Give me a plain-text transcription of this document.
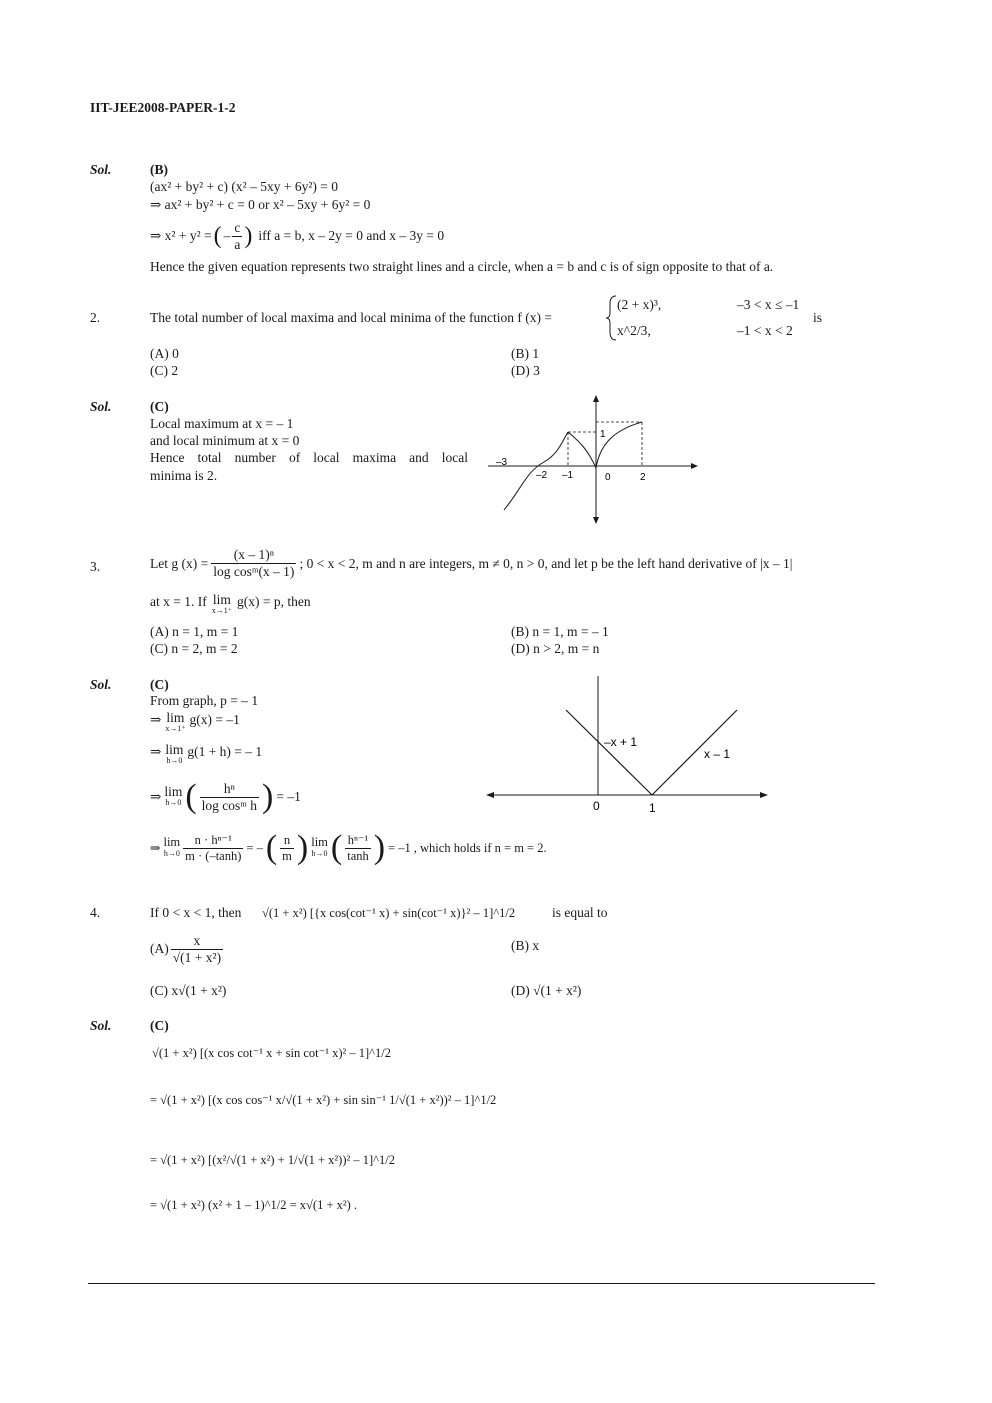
IIT-JEE2008-PAPER-1-2
Sol.	(B)
(ax² + by² + c) (x² – 5xy + 6y²) = 0
⇒ ax² + by² + c = 0 or x² – 5xy + 6y² = 0
⇒ x² + y² = ( – $\frac{c}{a}$ ) iff a = b, x – 2y = 0 and x – 3y = 0
Hence the given equation represents two straight lines and a circle, when a = b and c is of sign opposite to that of a.
2.	The total number of local maxima and local minima of the function f (x) =
(2 + x)³,	–3 < x ≤ –1
x^2/3,	–1 < x < 2
is
(A) 0	(B) 1
(C) 2	(D) 3
Sol.	(C)
Local maximum at x = – 1
and local minimum at x = 0
Hence total number of local maxima and local
minima is 2.
–3
–2 –1	0	2
1
3.	Let g $(x) = \frac{\text{(x – 1)ⁿ}}{\text{log cosᵐ(x – 1)}}$ ; 0 < x < 2, m and n are integers, m ≠ 0, n > 0, and let p be the left hand derivative of |x – 1|
at x = 1. If lim
x→1⁺
g(x) = p, then
(A) n = 1, m = 1	(B) n = 1, m = – 1
(C) n = 2, m = 2	(D) n > 2, m = n
Sol.	(C)
From graph, p = – 1
⇒ lim
x→1⁺
g(x) = –1
⇒ lim
h→0
g(1 + h) = – 1
⇒ lim
h→0 ( $\frac{\text{hⁿ}}{\text{log cosᵐ h}}$ ) = –1
⇒ lim
$h\to 0 \frac{\text{n · hⁿ⁻¹}}{m \cdot (-\tanh)}$ = – ( $\frac{n}{m}$ ) lim
h→0 ( $\frac{\text{hⁿ⁻¹}}{\tanh}$ ) = –1 , which holds if n = m = 2.
–x + 1
x – 1
0	1
4.	If 0 < x < 1, then √(1 + x²) [{x cos(cot⁻¹ x) + sin(cot⁻¹ x)}² – 1]^1/2	is equal to
$(A) \frac{x}{\text{√(1 + x²)}}$	(B) x
(C) x√(1 + x²)	(D) √(1 + x²)
Sol.	(C)
√(1 + x²) [(x cos cot⁻¹ x + sin cot⁻¹ x)² – 1]^1/2
= √(1 + x²) [(x cos cos⁻¹ x/√(1 + x²) + sin sin⁻¹ 1/√(1 + x²))² – 1]^1/2
= √(1 + x²) [(x²/√(1 + x²) + 1/√(1 + x²))² – 1]^1/2
= √(1 + x²) (x² + 1 – 1)^1/2 = x√(1 + x²) .
